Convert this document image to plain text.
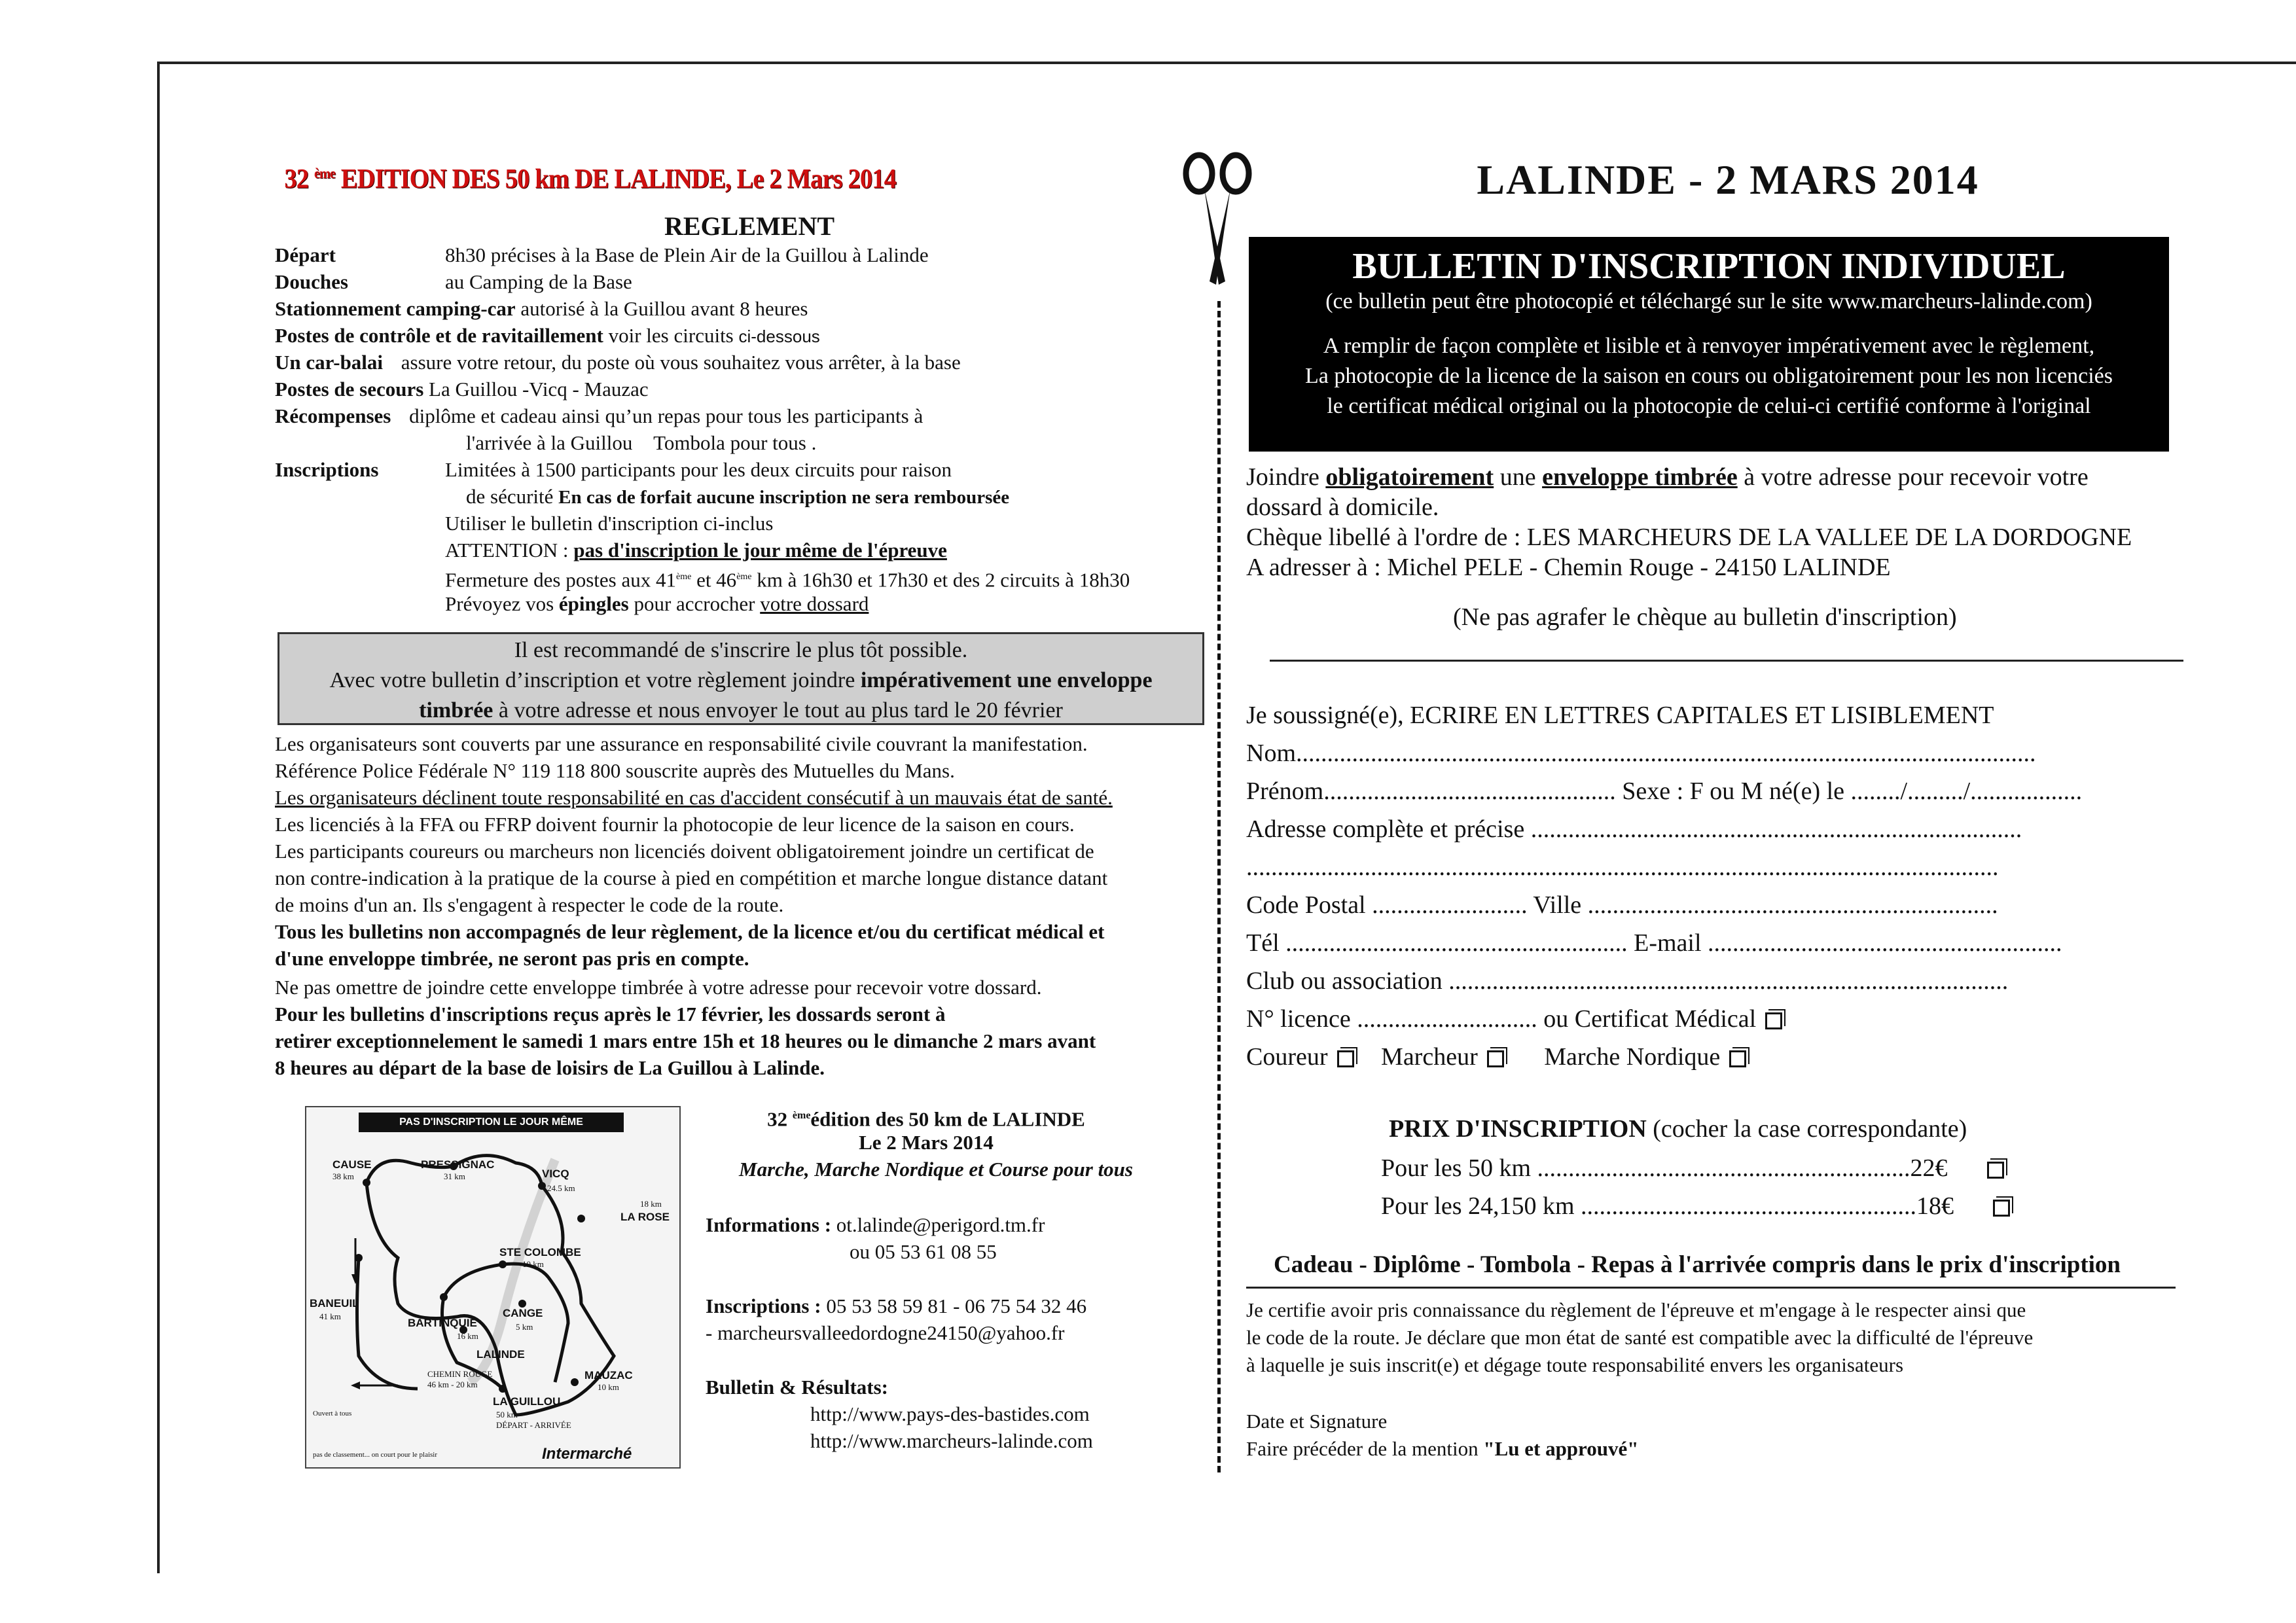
32 $^{ème}$ EDITION DES 50 km DE LALINDE, Le 2 Mars 2014
REGLEMENT
Départ	8h30 précises à la Base de Plein Air de la Guillou à Lalinde
Douches	au Camping de la Base
Stationnement camping-car autorisé à la Guillou avant 8 heures
Postes de contrôle et de ravitaillement voir les circuits ci-dessous
Un car-balai assure votre retour, du poste où vous souhaitez vous arrêter, à la base
Postes de secours La Guillou -Vicq - Mauzac
Récompenses diplôme et cadeau ainsi qu’un repas pour tous les participants à
l'arrivée à la Guillou Tombola pour tous .
Inscriptions	Limitées à 1500 participants pour les deux circuits pour raison
de sécurité En cas de forfait aucune inscription ne sera remboursée
Utiliser le bulletin d'inscription ci-inclus
ATTENTION : pas d'inscription le jour même de l'épreuve
Fermeture des postes aux 41ème et 46ème km à 16h30 et 17h30 et des 2 circuits à 18h30
Prévoyez vos épingles pour accrocher votre dossard
Il est recommandé de s'inscrire le plus tôt possible.
Avec votre bulletin d’inscription et votre règlement joindre impérativement une enveloppe
timbrée à votre adresse et nous envoyer le tout au plus tard le 20 février
Les organisateurs sont couverts par une assurance en responsabilité civile couvrant la manifestation.
Référence Police Fédérale N° 119 118 800 souscrite auprès des Mutuelles du Mans.
Les organisateurs déclinent toute responsabilité en cas d'accident consécutif à un mauvais état de santé.
Les licenciés à la FFA ou FFRP doivent fournir la photocopie de leur licence de la saison en cours.
Les participants coureurs ou marcheurs non licenciés doivent obligatoirement joindre un certificat de
non contre-indication à la pratique de la course à pied en compétition et marche longue distance datant
de moins d'un an. Ils s'engagent à respecter le code de la route.
Tous les bulletins non accompagnés de leur règlement, de la licence et/ou du certificat médical et
d'une enveloppe timbrée, ne seront pas pris en compte.
Ne pas omettre de joindre cette enveloppe timbrée à votre adresse pour recevoir votre dossard.
Pour les bulletins d'inscriptions reçus après le 17 février, les dossards seront à
retirer exceptionnelement le samedi 1 mars entre 15h et 18 heures ou le dimanche 2 mars avant
8 heures au départ de la base de loisirs de La Guillou à Lalinde.
PAS D'INSCRIPTION LE JOUR MÊME
CAUSE
38 km
PRESSIGNAC
31 km	VICQ
24.5 km
18 km
LA ROSE
STE COLOMBE
10 km
BANEUIL
41 km
BARTINQUIE
16 km
CANGE
5 km
LALINDE
CHEMIN ROUGE
46 km - 20 km
MAUZAC
10 km
LA GUILLOU
50 km
DÉPART - ARRIVÉE
Ouvert à tous
pas de classement... on court pour le plaisir	Intermarché
32 $^{ème}$édition des 50 km de LALINDE
Le 2 Mars 2014
Marche, Marche Nordique et Course pour tous
Informations : ot.lalinde@perigord.tm.fr
ou 05 53 61 08 55
Inscriptions : 05 53 58 59 81 - 06 75 54 32 46
- marcheursvalleedordogne24150@yahoo.fr
Bulletin & Résultats:
http://www.pays-des-bastides.com
http://www.marcheurs-lalinde.com
LALINDE - 2 MARS 2014
BULLETIN D'INSCRIPTION INDIVIDUEL
(ce bulletin peut être photocopié et téléchargé sur le site www.marcheurs-lalinde.com)
A remplir de façon complète et lisible et à renvoyer impérativement avec le règlement,
La photocopie de la licence de la saison en cours ou obligatoirement pour les non licenciés
le certificat médical original ou la photocopie de celui-ci certifié conforme à l'original
Joindre obligatoirement une enveloppe timbrée à votre adresse pour recevoir votre
dossard à domicile.
Chèque libellé à l'ordre de : LES MARCHEURS DE LA VALLEE DE LA DORDOGNE
A adresser à : Michel PELE - Chemin Rouge - 24150 LALINDE
(Ne pas agrafer le chèque au bulletin d'inscription)
Je soussigné(e), ECRIRE EN LETTRES CAPITALES ET LISIBLEMENT
Nom.......................................................................................................................
Prénom............................................... Sexe : F ou M né(e) le ......../........./..................
Adresse complète et précise ...............................................................................
.........................................................................................................................
Code Postal ......................... Ville ..................................................................
Tél ....................................................... E-mail .........................................................
Club ou association ..........................................................................................
N° licence ............................. ou Certificat Médical
Coureur Marcheur	Marche Nordique
PRIX D'INSCRIPTION (cocher la case correspondante)
Pour les 50 km ............................................................22€
Pour les 24,150 km ......................................................18€
Cadeau - Diplôme - Tombola - Repas à l'arrivée compris dans le prix d'inscription
Je certifie avoir pris connaissance du règlement de l'épreuve et m'engage à le respecter ainsi que
le code de la route. Je déclare que mon état de santé est compatible avec la difficulté de l'épreuve
à laquelle je suis inscrit(e) et dégage toute responsabilité envers les organisateurs
Date et Signature
Faire précéder de la mention "Lu et approuvé"
